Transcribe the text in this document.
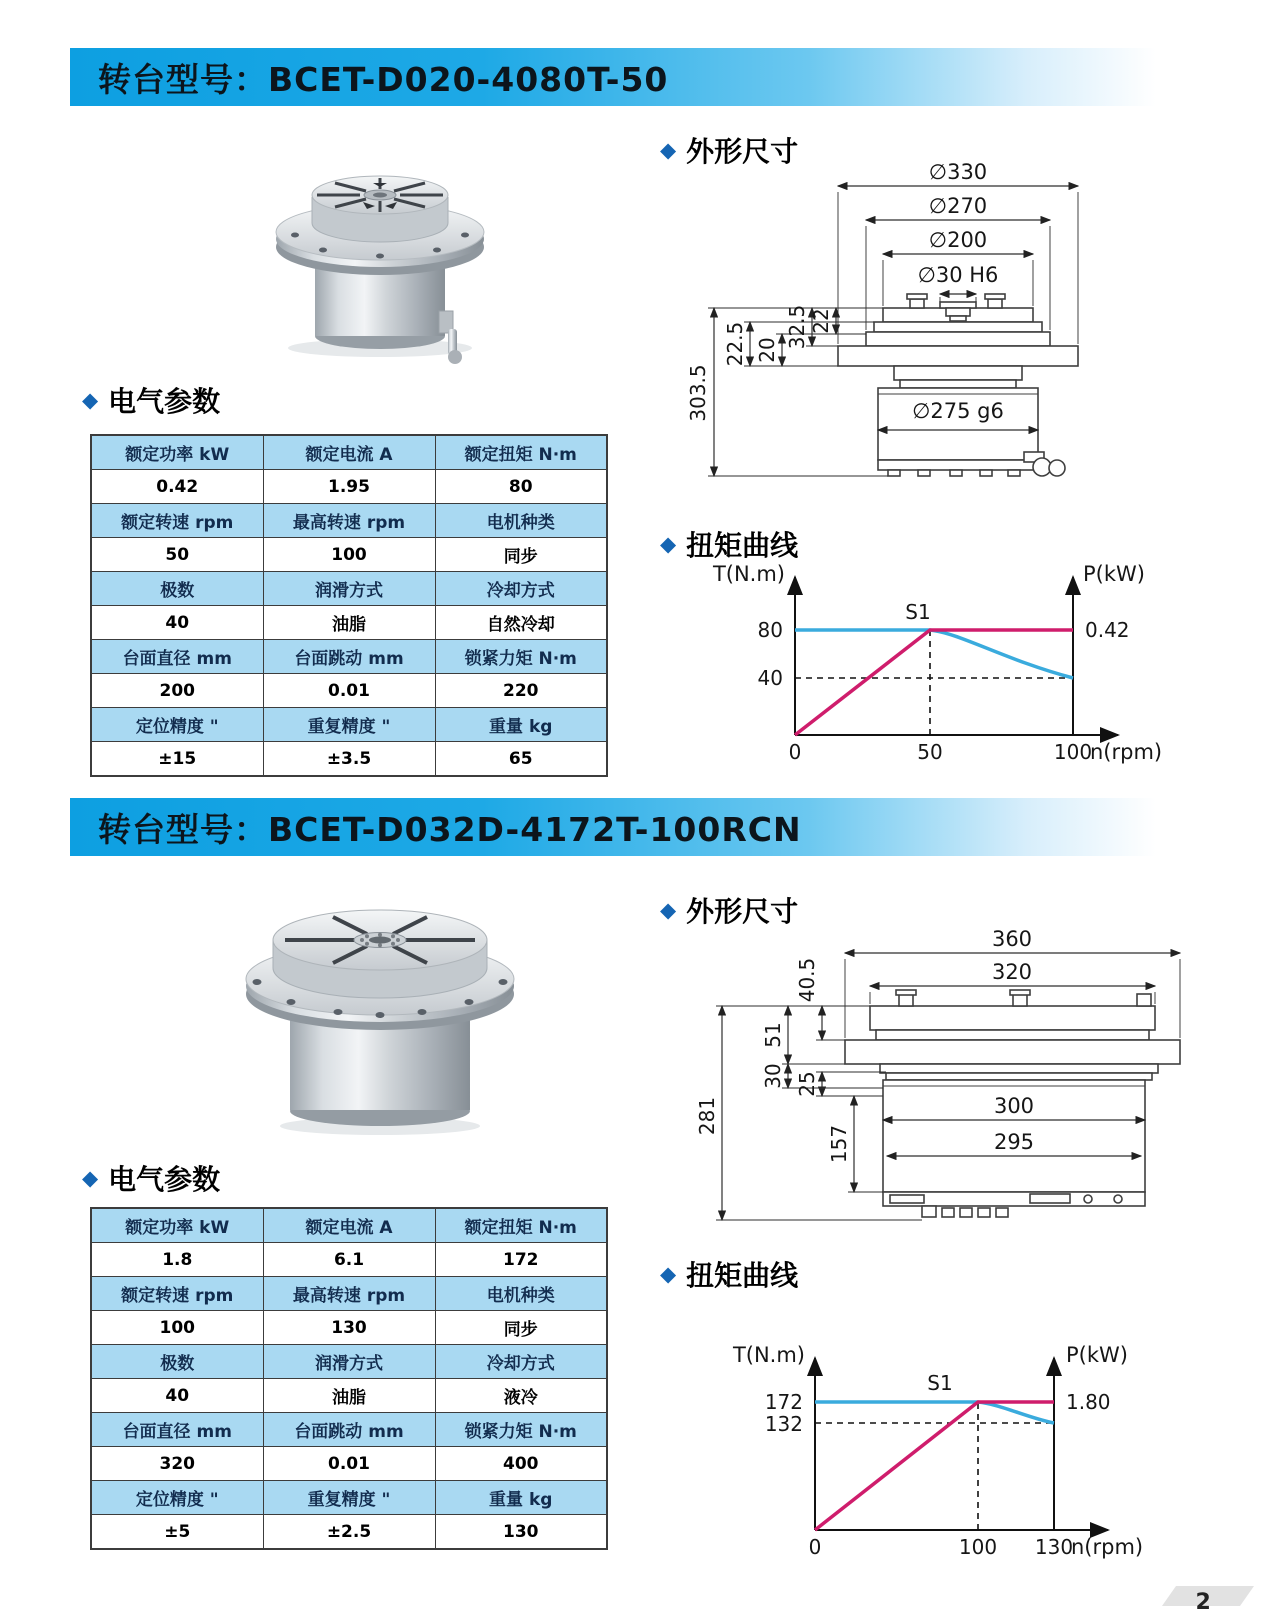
转台型号：BCET-D020-4080T-50
◆ 外形尺寸
∅330
∅270
∅200
∅30 H6
22
32.5
20
22.5
303.5	∅275 g6
◆ 电气参数
额定功率 kW	额定电流 A	额定扭矩 N·m
0.42	1.95	80
额定转速 rpm	最高转速 rpm	电机种类
50	100	同步
极数	润滑方式	冷却方式
40	油脂	自然冷却
台面直径 mm	台面跳动 mm	锁紧力矩 N·m
200	0.01	220
定位精度 "	重复精度 "	重量 kg
±15	±3.5	65
◆ 扭矩曲线
T(N.m)	P(kW)
80
40
0.42
0	50	100
n(rpm)
S1
转台型号：BCET-D032D-4172T-100RCN
◆ 外形尺寸
360
320
300
295
281
51
30
40.5
25
157
◆ 电气参数
额定功率 kW	额定电流 A	额定扭矩 N·m
1.8	6.1	172
额定转速 rpm	最高转速 rpm	电机种类
100	130	同步
极数	润滑方式	冷却方式
40	油脂	液冷
台面直径 mm	台面跳动 mm	锁紧力矩 N·m
320	0.01	400
定位精度 "	重复精度 "	重量 kg
±5	±2.5	130
◆ 扭矩曲线
T(N.m)	P(kW)
172
132
1.80
0	100 130
n(rpm)
S1
2
